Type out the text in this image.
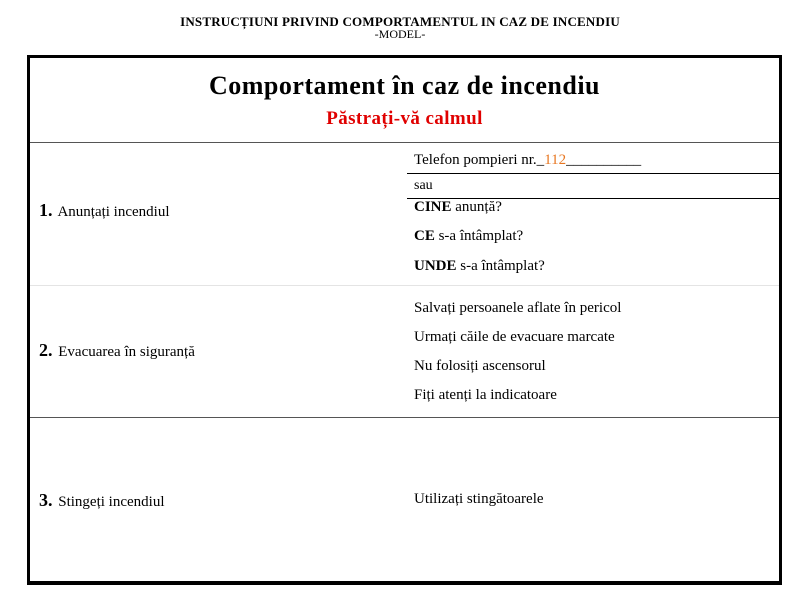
INSTRUCȚIUNI PRIVIND COMPORTAMENTUL IN CAZ DE INCENDIU
-MODEL-
Comportament în caz de incendiu
Păstrați-vă calmul
1. Anunțați incendiul
Telefon pompieri nr._112__________
sau
CINE anunță?
CE s-a întâmplat?
UNDE s-a întâmplat?
2. Evacuarea în siguranță
Salvați persoanele aflate în pericol
Urmați căile de evacuare marcate
Nu folosiți ascensorul
Fiți atenți la indicatoare
3. Stingeți incendiul	Utilizați stingătoarele
